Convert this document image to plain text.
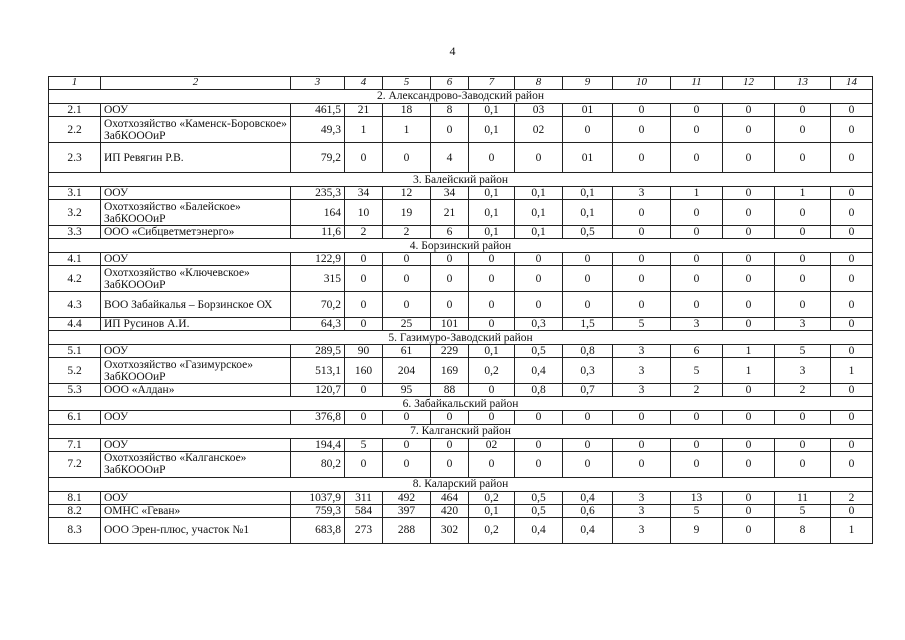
4
1	2	3	4	5	6	7	8	9	10	11	12	13	14
2. Александрово-Заводский район													
2.1	ООУ	461,5	21	18	8	0,1	03	01	0	0	0	0	0
2.2	Охотхозяйство «Каменск-Боровское» ЗабКОООиР	49,3	1	1	0	0,1	02	0	0	0	0	0	0
2.3	ИП Ревягин Р.В.	79,2	0	0	4	0	0	01	0	0	0	0	0
3. Балейский район													
3.1	ООУ	235,3	34	12	34	0,1	0,1	0,1	3	1	0	1	0
3.2	Охотхозяйство «Балейское» ЗабКОООиР	164	10	19	21	0,1	0,1	0,1	0	0	0	0	0
3.3	ООО «Сибцветметэнерго»	11,6	2	2	6	0,1	0,1	0,5	0	0	0	0	0
4. Борзинский район													
4.1	ООУ	122,9	0	0	0	0	0	0	0	0	0	0	0
4.2	Охотхозяйство «Ключевское» ЗабКОООиР	315	0	0	0	0	0	0	0	0	0	0	0
4.3	ВОО Забайкалья – Борзинское ОХ	70,2	0	0	0	0	0	0	0	0	0	0	0
4.4	ИП Русинов А.И.	64,3	0	25	101	0	0,3	1,5	5	3	0	3	0
5. Газимуро-Заводский район													
5.1	ООУ	289,5	90	61	229	0,1	0,5	0,8	3	6	1	5	0
5.2	Охотхозяйство «Газимурское» ЗабКОООиР	513,1	160	204	169	0,2	0,4	0,3	3	5	1	3	1
5.3	ООО «Алдан»	120,7	0	95	88	0	0,8	0,7	3	2	0	2	0
6. Забайкальский район													
6.1	ООУ	376,8	0	0	0	0	0	0	0	0	0	0	0
7. Калганский район													
7.1	ООУ	194,4	5	0	0	02	0	0	0	0	0	0	0
7.2	Охотхозяйство «Калганское» ЗабКОООиР	80,2	0	0	0	0	0	0	0	0	0	0	0
8. Каларский район													
8.1	ООУ	1037,9	311	492	464	0,2	0,5	0,4	3	13	0	11	2
8.2	ОМНС «Геван»	759,3	584	397	420	0,1	0,5	0,6	3	5	0	5	0
8.3	ООО Эрен-плюс, участок №1	683,8	273	288	302	0,2	0,4	0,4	3	9	0	8	1
